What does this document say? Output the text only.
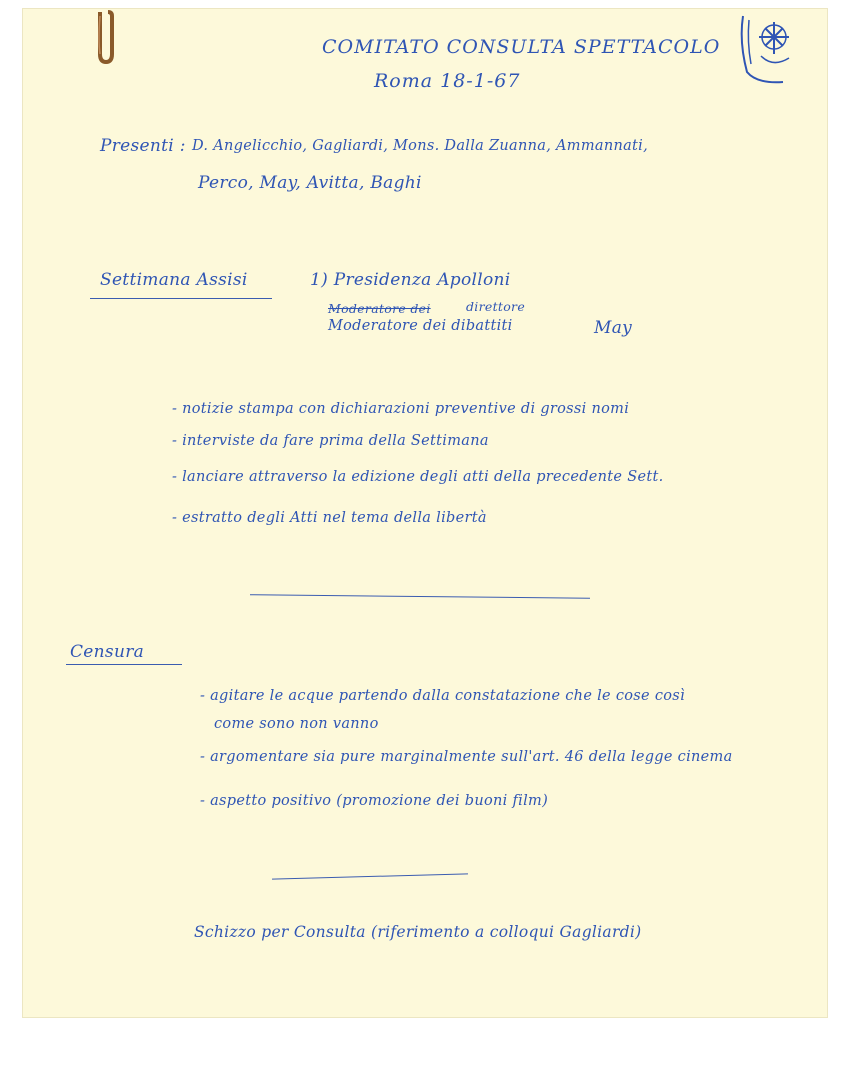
COMITATO CONSULTA SPETTACOLO
Roma 18-1-67
Presenti : D. Angelicchio, Gagliardi, Mons. Dalla Zuanna, Ammannati,
Perco, May, Avitta, Baghi
Settimana Assisi	1) Presidenza Apolloni
Moderatore dei	direttore
Moderatore dei dibattiti	May
- notizie stampa con dichiarazioni preventive di grossi nomi
- interviste da fare prima della Settimana
- lanciare attraverso la edizione degli atti della precedente Sett.
- estratto degli Atti nel tema della libertà
Censura
- agitare le acque partendo dalla constatazione che le cose così
come sono non vanno
- argomentare sia pure marginalmente sull'art. 46 della legge cinema
- aspetto positivo (promozione dei buoni film)
Schizzo per Consulta (riferimento a colloqui Gagliardi)
